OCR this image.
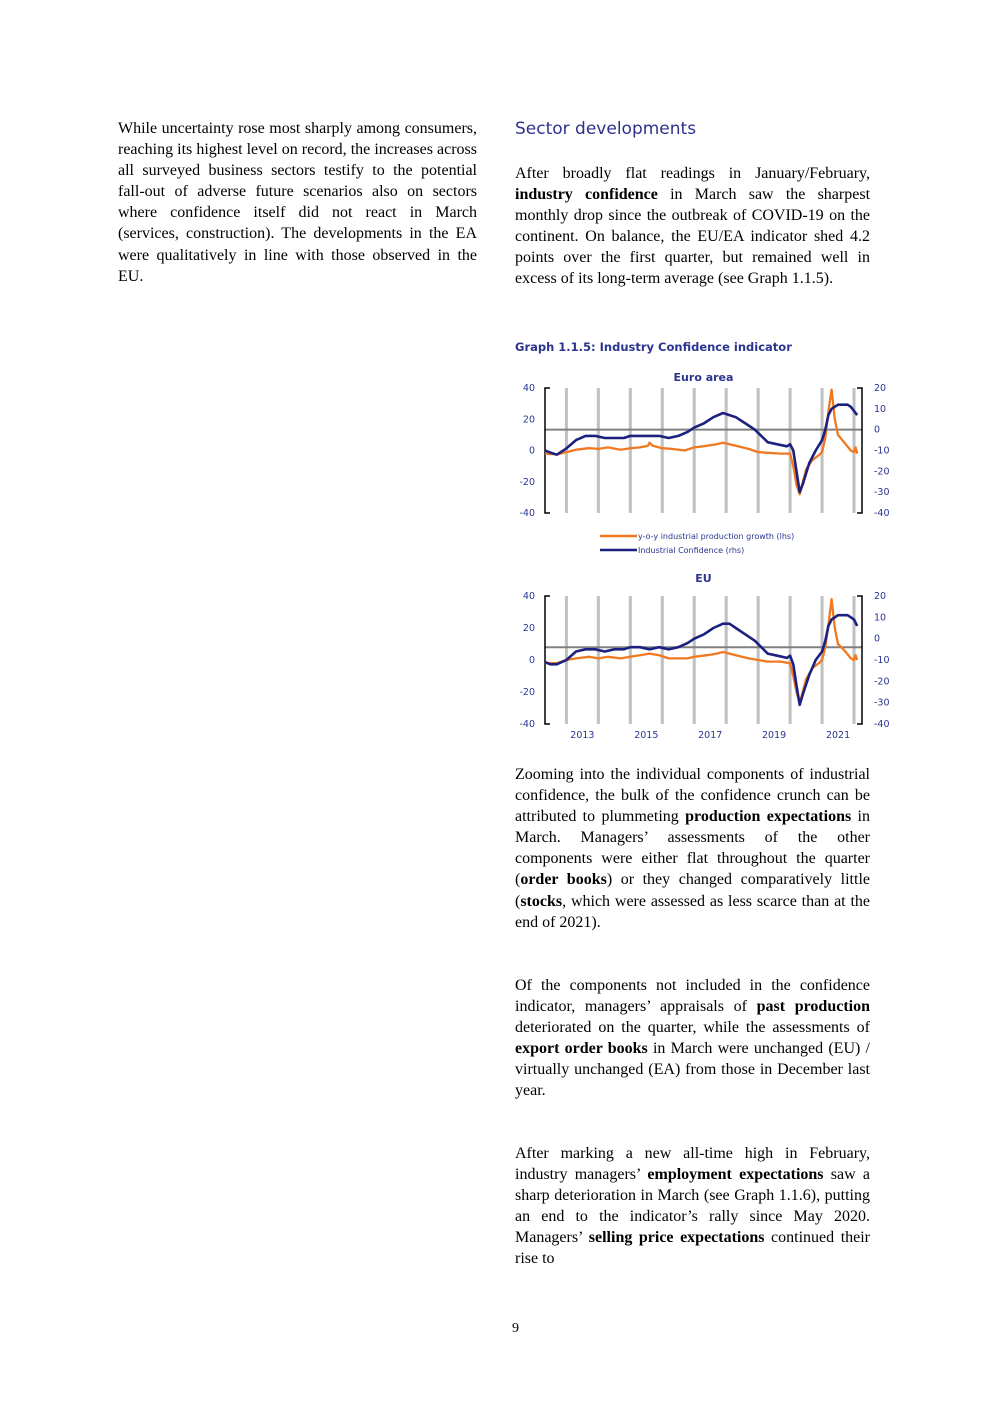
While uncertainty rose most sharply among consumers, reaching its highest level on record, the increases across all surveyed business sectors testify to the potential fall-out of adverse future scenarios also on sectors where confidence itself did not react in March (services, construction). The developments in the EA were qualitatively in line with those observed in the EU.

Sector developments

After broadly flat readings in January/February, industry confidence in March saw the sharpest monthly drop since the outbreak of COVID-19 on the continent. On balance, the EU/EA indicator shed 4.2 points over the first quarter, but remained well in excess of its long-term average (see Graph 1.1.5).

Graph 1.1.5: Industry Confidence indicator

Euro area
40
20
0
-20
-40
20
10
0
-10
-20
-30
-40
y-o-y industrial production growth (lhs)
Industrial Confidence (rhs)
EU
40
20
0
-20
-40
20
10
0
-10
-20
-30
-40
2013	2015	2017	2019	2021

Zooming into the individual components of industrial confidence, the bulk of the confidence crunch can be attributed to plummeting production expectations in March. Managers’ assessments of the other components were either flat throughout the quarter (order books) or they changed comparatively little (stocks, which were assessed as less scarce than at the end of 2021).

Of the components not included in the confidence indicator, managers’ appraisals of past production deteriorated on the quarter, while the assessments of export order books in March were unchanged (EU) / virtually unchanged (EA) from those in December last year.

After marking a new all-time high in February, industry managers’ employment expectations saw a sharp deterioration in March (see Graph 1.1.6), putting an end to the indicator’s rally since May 2020. Managers’ selling price expectations continued their rise to

9
